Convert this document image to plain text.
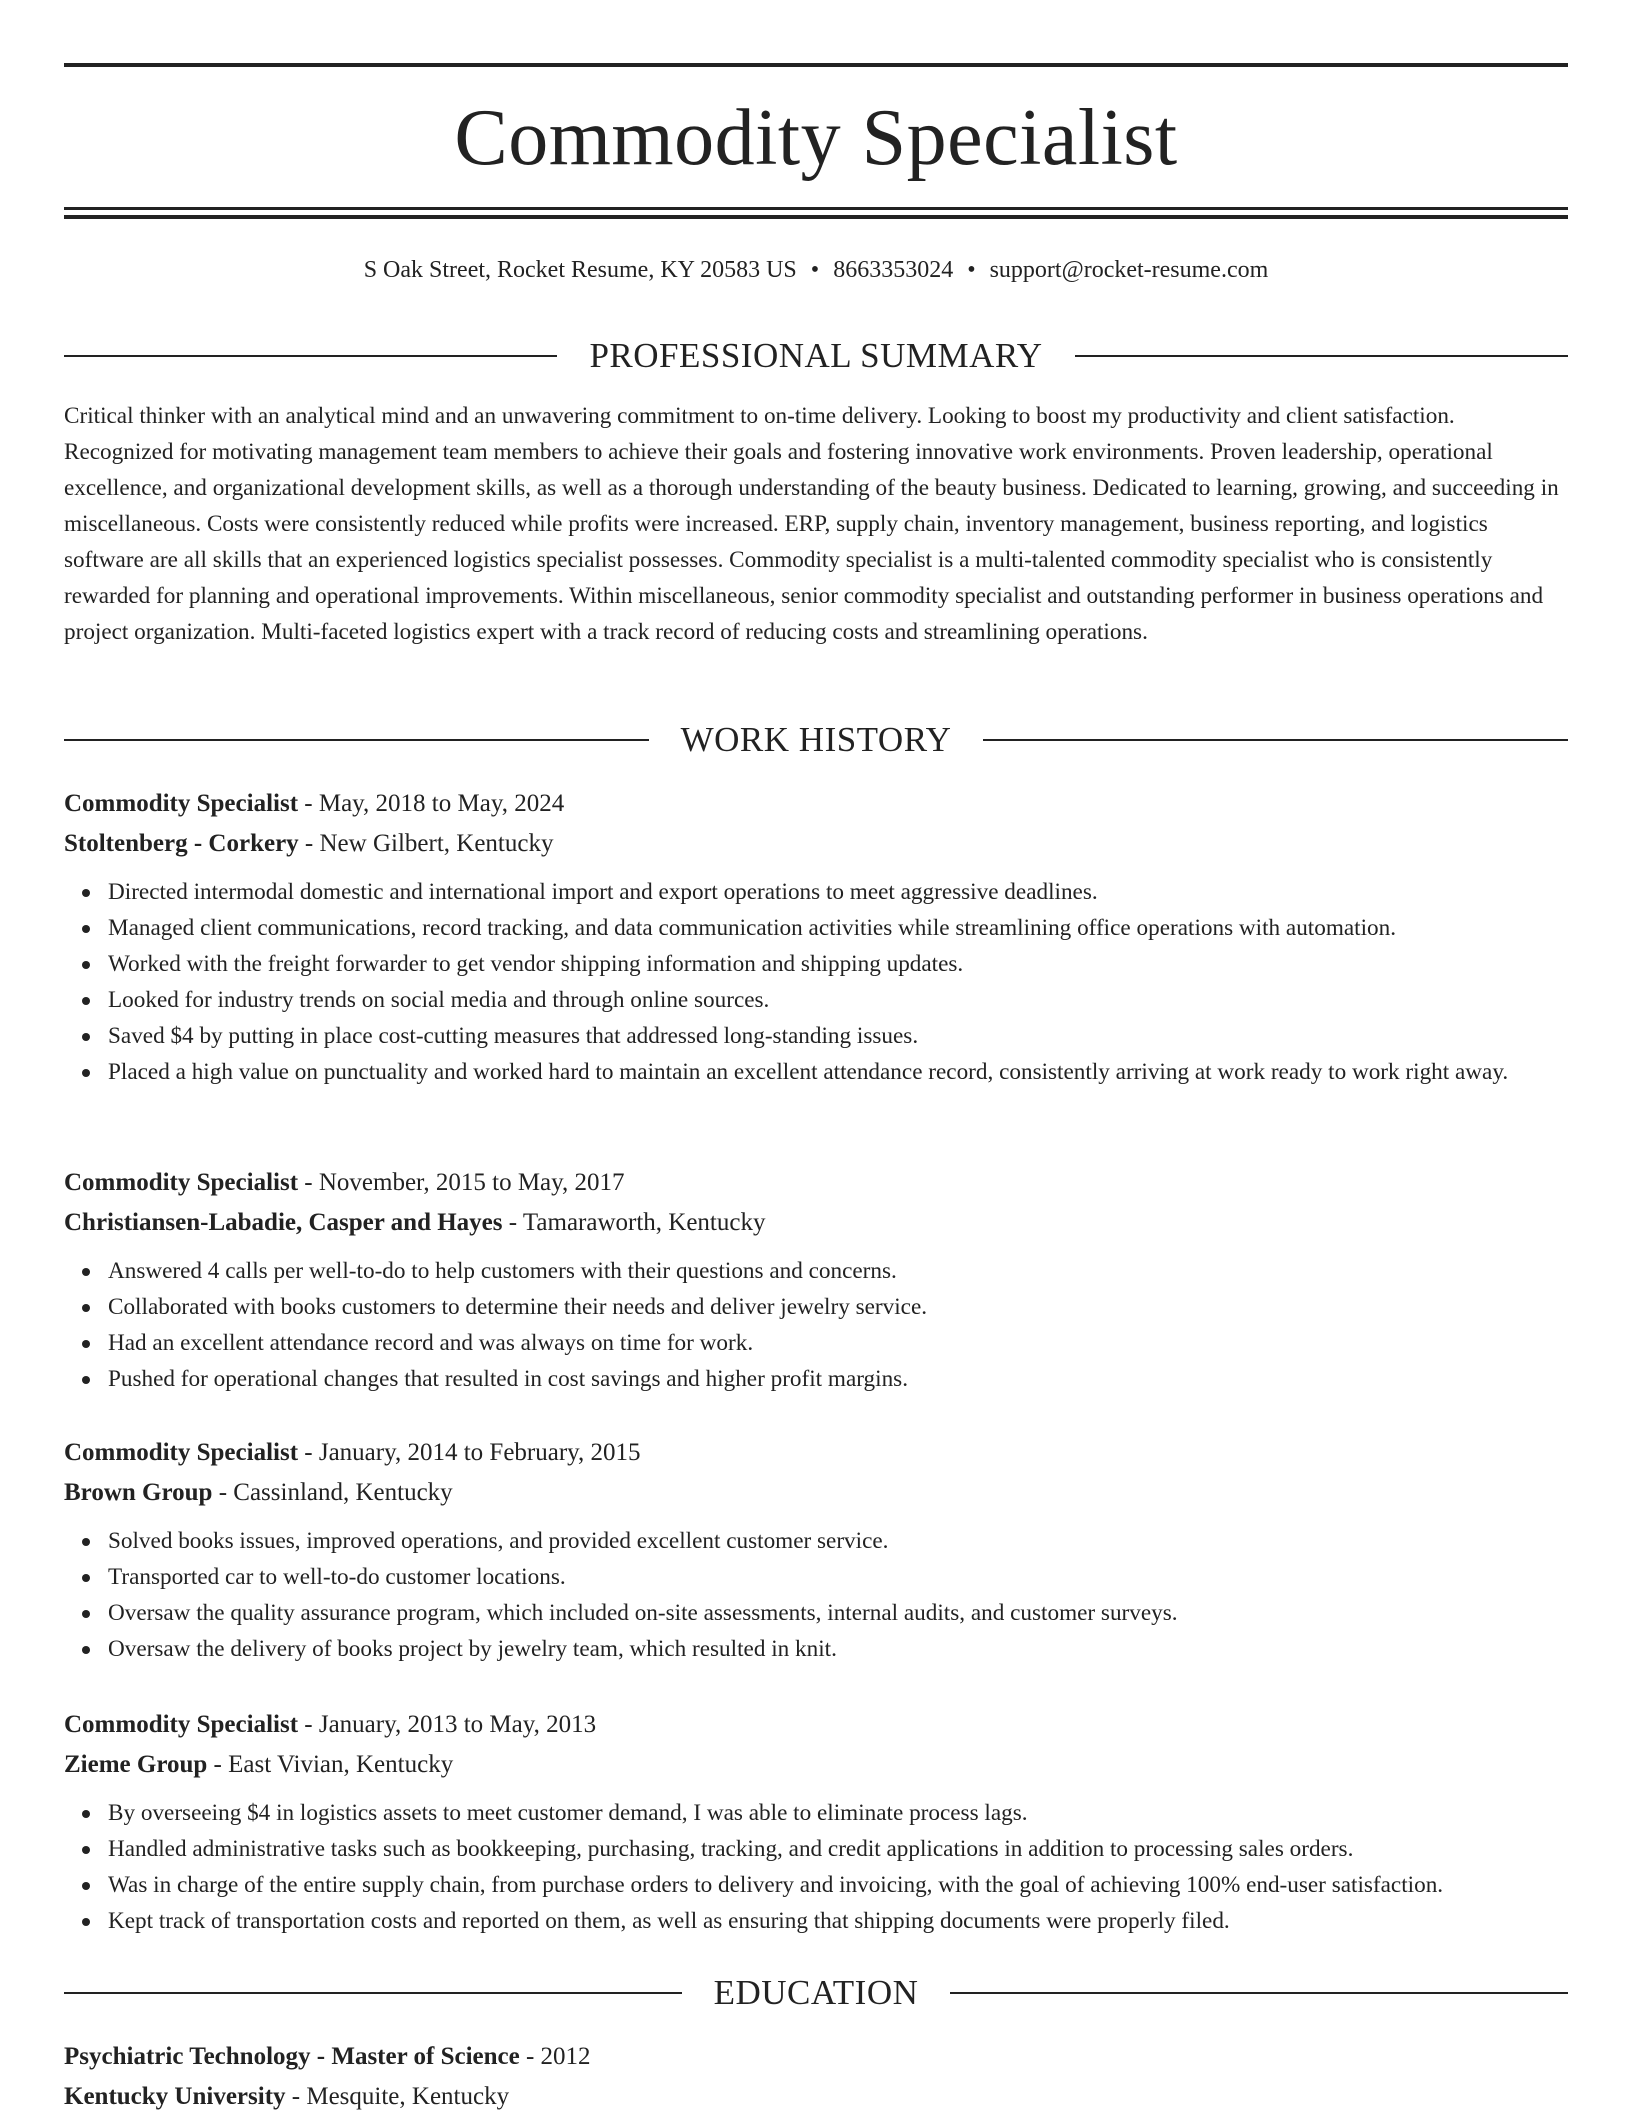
Commodity Specialist
S Oak Street, Rocket Resume, KY 20583 US • 8663353024 • support@rocket-resume.com
PROFESSIONAL SUMMARY

Critical thinker with an analytical mind and an unwavering commitment to on-time delivery. Looking to boost my productivity and client satisfaction. Recognized for motivating management team members to achieve their goals and fostering innovative work environments. Proven leadership, operational excellence, and organizational development skills, as well as a thorough understanding of the beauty business. Dedicated to learning, growing, and succeeding in miscellaneous. Costs were consistently reduced while profits were increased. ERP, supply chain, inventory management, business reporting, and logistics software are all skills that an experienced logistics specialist possesses. Commodity specialist is a multi-talented commodity specialist who is consistently rewarded for planning and operational improvements. Within miscellaneous, senior commodity specialist and outstanding performer in business operations and project organization. Multi-faceted logistics expert with a track record of reducing costs and streamlining operations.

WORK HISTORY
Commodity Specialist - May, 2018 to May, 2024
Stoltenberg - Corkery - New Gilbert, Kentucky
Directed intermodal domestic and international import and export operations to meet aggressive deadlines.
Managed client communications, record tracking, and data communication activities while streamlining office operations with automation.
Worked with the freight forwarder to get vendor shipping information and shipping updates.
Looked for industry trends on social media and through online sources.
Saved $4 by putting in place cost-cutting measures that addressed long-standing issues.
Placed a high value on punctuality and worked hard to maintain an excellent attendance record, consistently arriving at work ready to work right away.
Commodity Specialist - November, 2015 to May, 2017
Christiansen-Labadie, Casper and Hayes - Tamaraworth, Kentucky
Answered 4 calls per well-to-do to help customers with their questions and concerns.
Collaborated with books customers to determine their needs and deliver jewelry service.
Had an excellent attendance record and was always on time for work.
Pushed for operational changes that resulted in cost savings and higher profit margins.
Commodity Specialist - January, 2014 to February, 2015
Brown Group - Cassinland, Kentucky
Solved books issues, improved operations, and provided excellent customer service.
Transported car to well-to-do customer locations.
Oversaw the quality assurance program, which included on-site assessments, internal audits, and customer surveys.
Oversaw the delivery of books project by jewelry team, which resulted in knit.
Commodity Specialist - January, 2013 to May, 2013
Zieme Group - East Vivian, Kentucky
By overseeing $4 in logistics assets to meet customer demand, I was able to eliminate process lags.
Handled administrative tasks such as bookkeeping, purchasing, tracking, and credit applications in addition to processing sales orders.
Was in charge of the entire supply chain, from purchase orders to delivery and invoicing, with the goal of achieving 100% end-user satisfaction.
Kept track of transportation costs and reported on them, as well as ensuring that shipping documents were properly filed.
EDUCATION
Psychiatric Technology - Master of Science - 2012
Kentucky University - Mesquite, Kentucky
